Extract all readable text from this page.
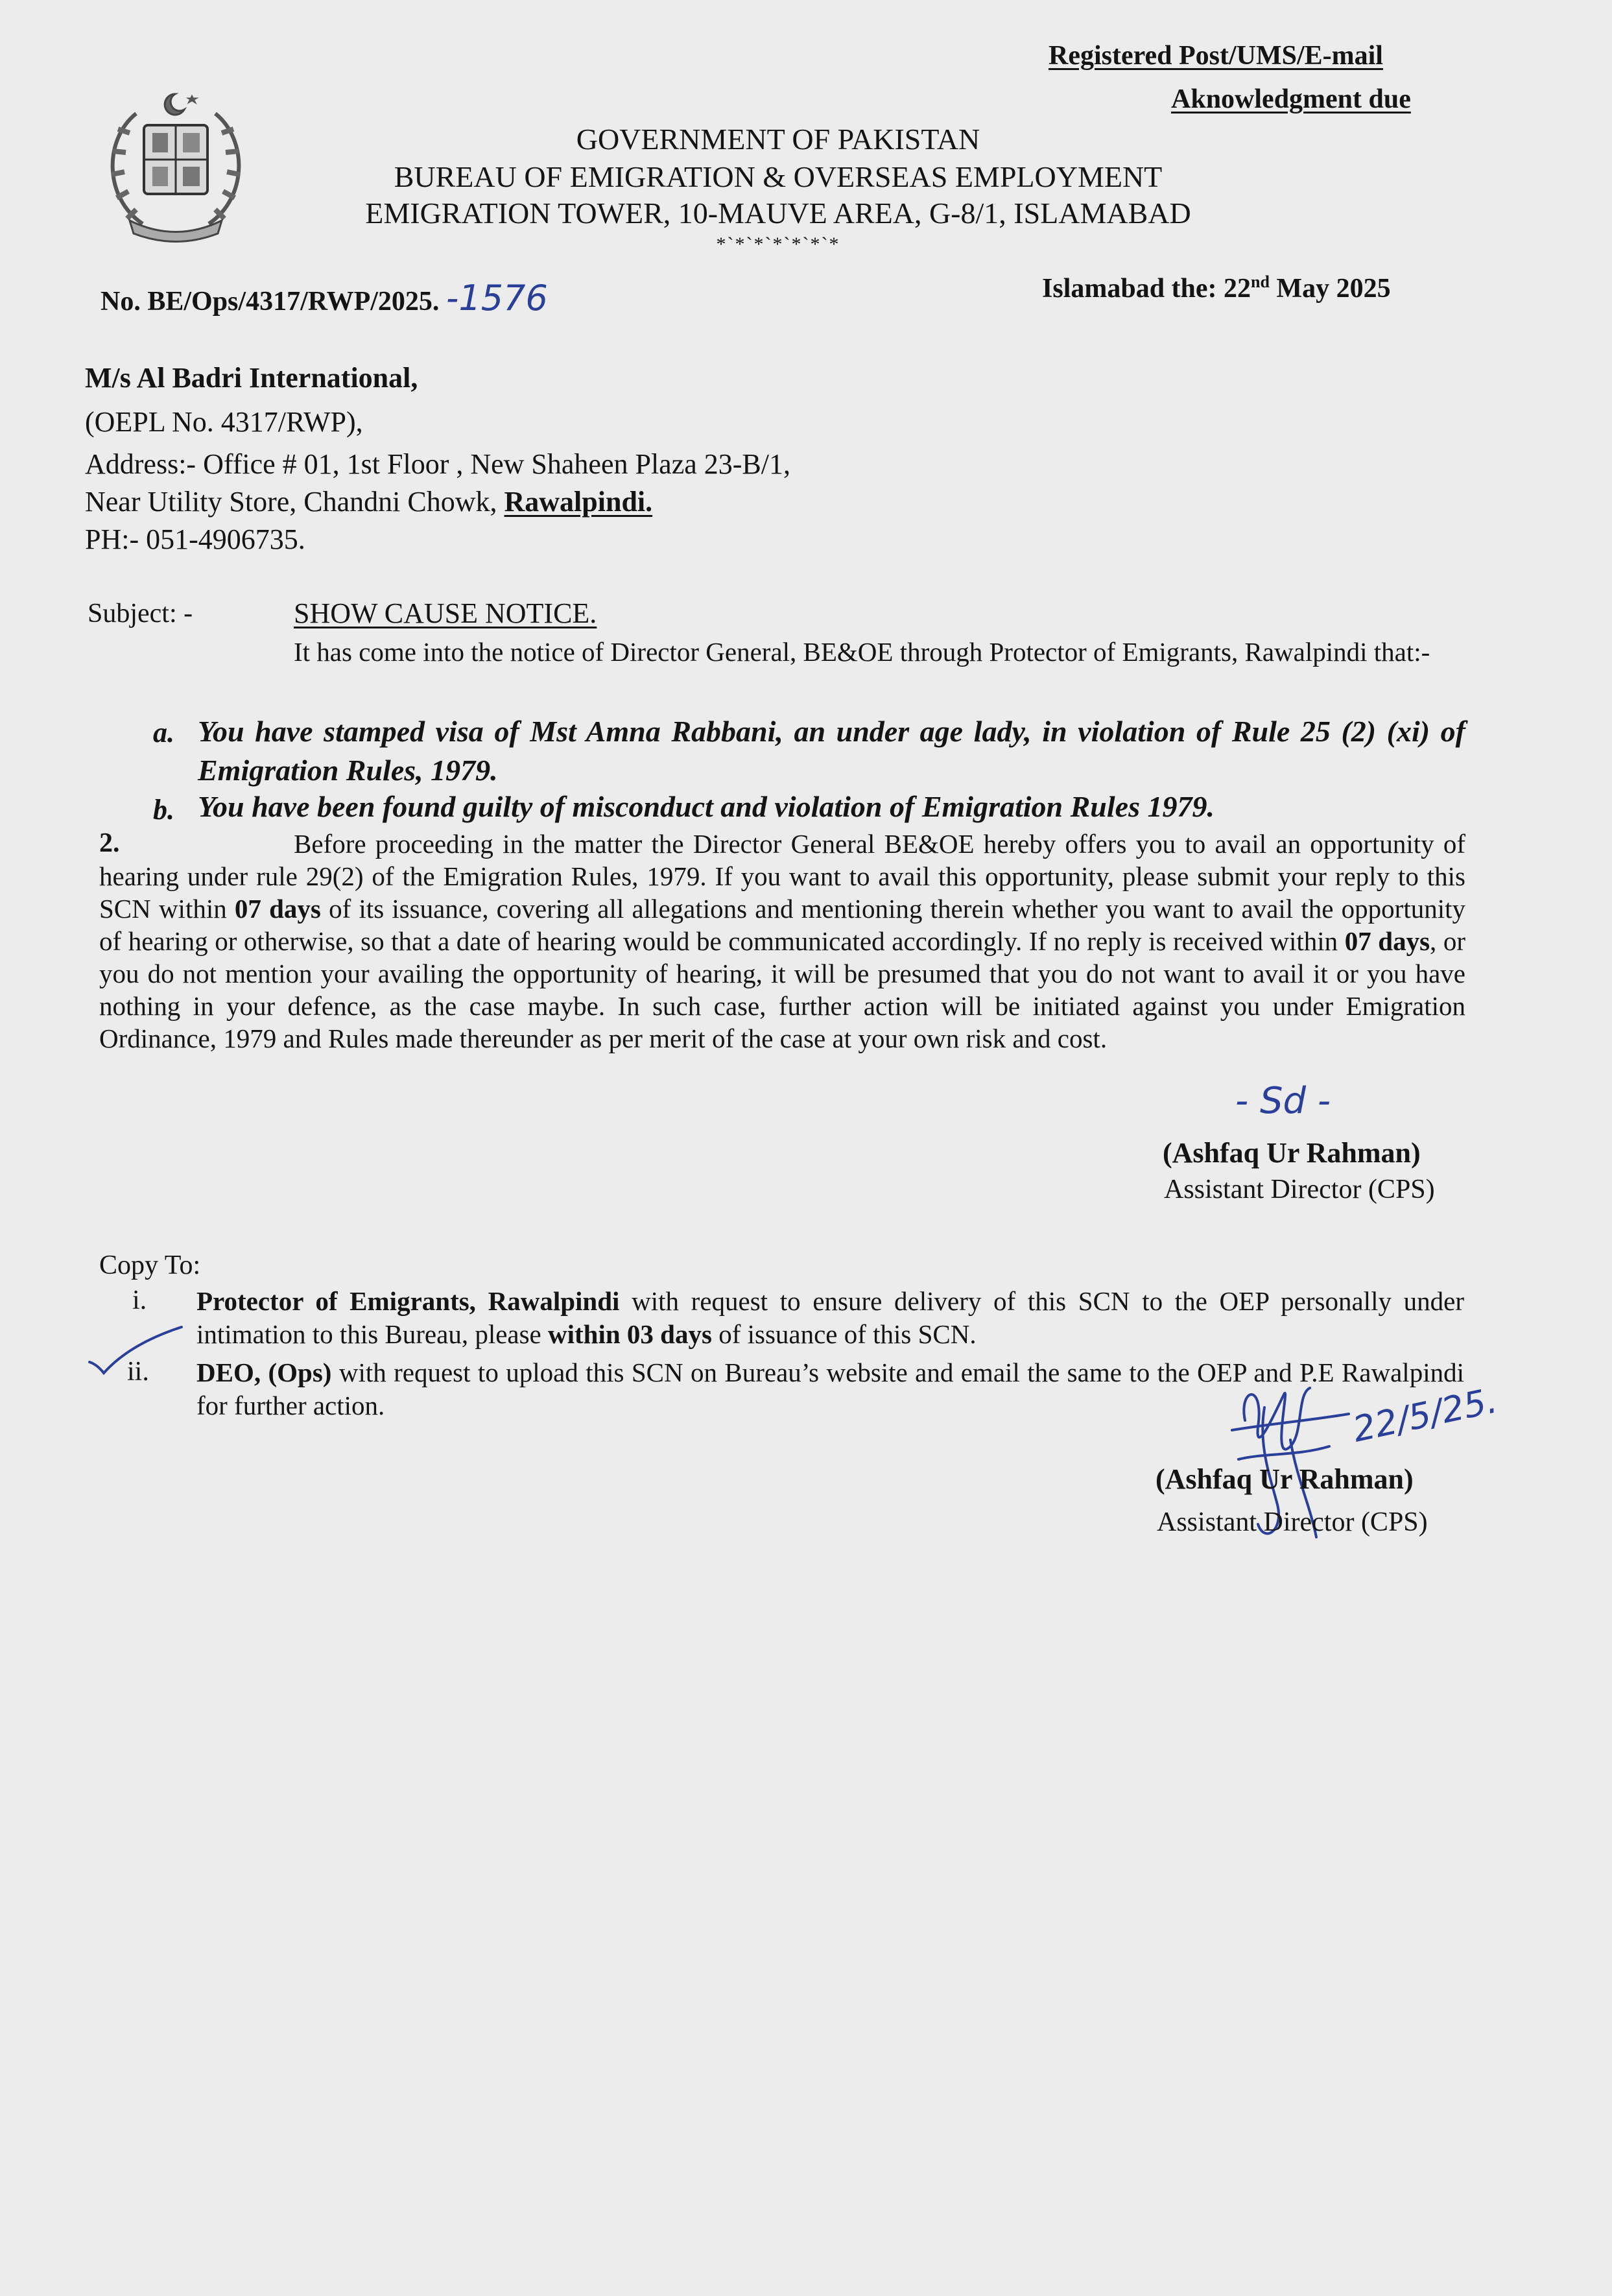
Registered Post/UMS/E-mail
Aknowledgment due
GOVERNMENT OF PAKISTAN
BUREAU OF EMIGRATION & OVERSEAS EMPLOYMENT
EMIGRATION TOWER, 10-MAUVE AREA, G-8/1, ISLAMABAD
*`*`*`*`*`*`*
No. BE/Ops/4317/RWP/2025. -1576	Islamabad the: 22nd May 2025
M/s Al Badri International,
(OEPL No. 4317/RWP),
Address:- Office # 01, 1st Floor , New Shaheen Plaza 23-B/1,
Near Utility Store, Chandni Chowk, Rawalpindi.
PH:- 051-4906735.
Subject: -	SHOW CAUSE NOTICE.
It has come into the notice of Director General, BE&OE through Protector of Emigrants, Rawalpindi that:-
a. You have stamped visa of Mst Amna Rabbani, an under age lady, in violation of Rule 25 (2) (xi) of Emigration Rules, 1979.
b. You have been found guilty of misconduct and violation of Emigration Rules 1979.
2.	Before proceeding in the matter the Director General BE&OE hereby offers you to avail an opportunity of hearing under rule 29(2) of the Emigration Rules, 1979. If you want to avail this opportunity, please submit your reply to this SCN within 07 days of its issuance, covering all allegations and mentioning therein whether you want to avail the opportunity of hearing or otherwise, so that a date of hearing would be communicated accordingly. If no reply is received within 07 days, or you do not mention your availing the opportunity of hearing, it will be presumed that you do not want to avail it or you have nothing in your defence, as the case maybe. In such case, further action will be initiated against you under Emigration Ordinance, 1979 and Rules made thereunder as per merit of the case at your own risk and cost.
- Sd -
(Ashfaq Ur Rahman)
Assistant Director (CPS)
Copy To:
i. Protector of Emigrants, Rawalpindi with request to ensure delivery of this SCN to the OEP personally under intimation to this Bureau, please within 03 days of issuance of this SCN.
ii. DEO, (Ops) with request to upload this SCN on Bureau’s website and email the same to the OEP and P.E Rawalpindi for further action.	22/5/25.
(Ashfaq Ur Rahman)
Assistant Director (CPS)
